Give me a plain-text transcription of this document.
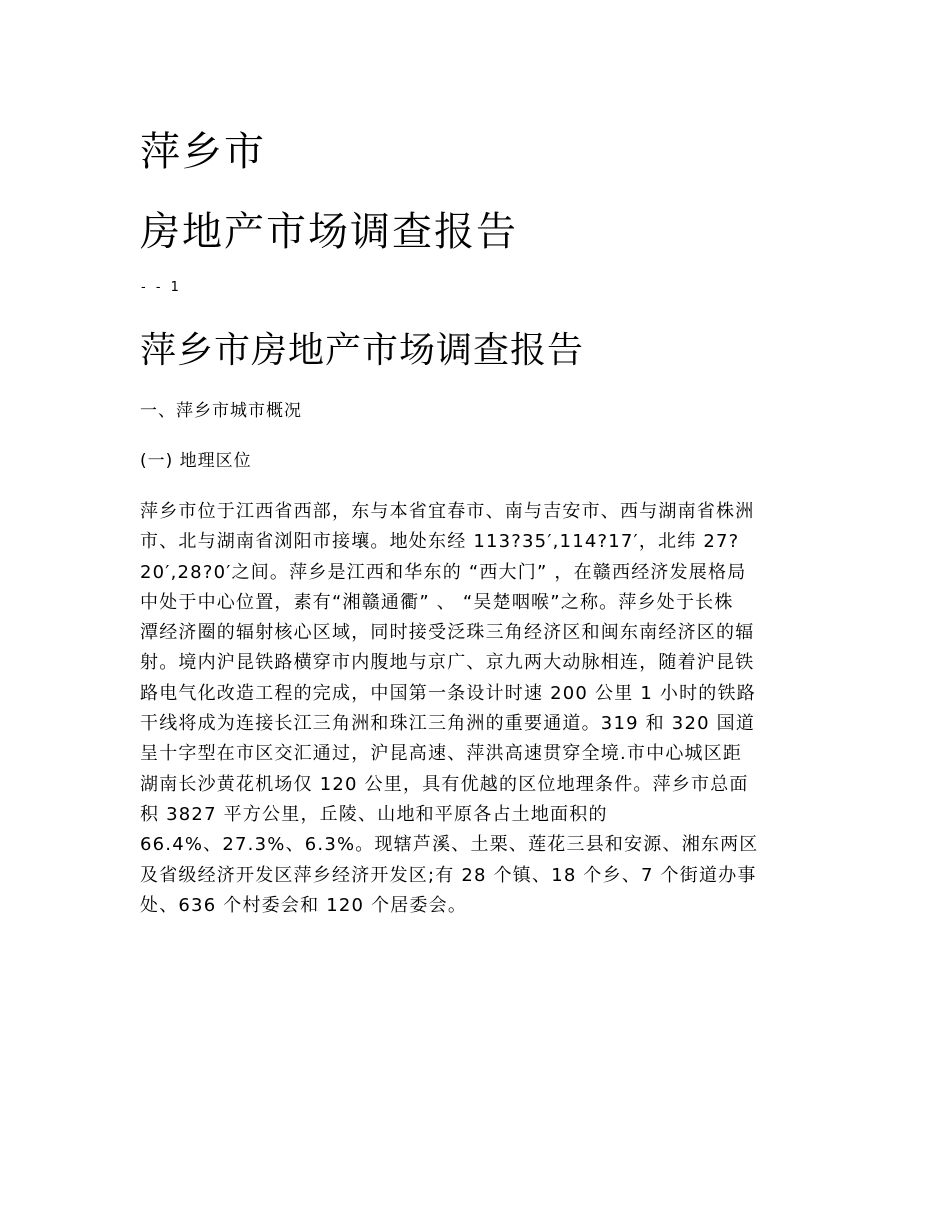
萍乡市
房地产市场调查报告
- - 1
萍乡市房地产市场调查报告
一、萍乡市城市概况
(一) 地理区位
萍乡市位于江西省西部，东与本省宜春市、南与吉安市、西与湖南省株洲
市、北与湖南省浏阳市接壤。地处东经 113?35′,114?17′，北纬 27?
20′,28?0′之间。萍乡是江西和华东的 “西大门” ，在赣西经济发展格局
中处于中心位置，素有“湘赣通衢” 、 “吴楚咽喉”之称。萍乡处于长株
潭经济圈的辐射核心区域，同时接受泛珠三角经济区和闽东南经济区的辐
射。境内沪昆铁路横穿市内腹地与京广、京九两大动脉相连，随着沪昆铁
路电气化改造工程的完成，中国第一条设计时速 200 公里 1 小时的铁路
干线将成为连接长江三角洲和珠江三角洲的重要通道。319 和 320 国道
呈十字型在市区交汇通过，沪昆高速、萍洪高速贯穿全境.市中心城区距
湖南长沙黄花机场仅 120 公里，具有优越的区位地理条件。萍乡市总面
积 3827 平方公里，丘陵、山地和平原各占土地面积的
66.4%、27.3%、6.3%。现辖芦溪、土栗、莲花三县和安源、湘东两区
及省级经济开发区萍乡经济开发区;有 28 个镇、18 个乡、7 个街道办事
处、636 个村委会和 120 个居委会。
